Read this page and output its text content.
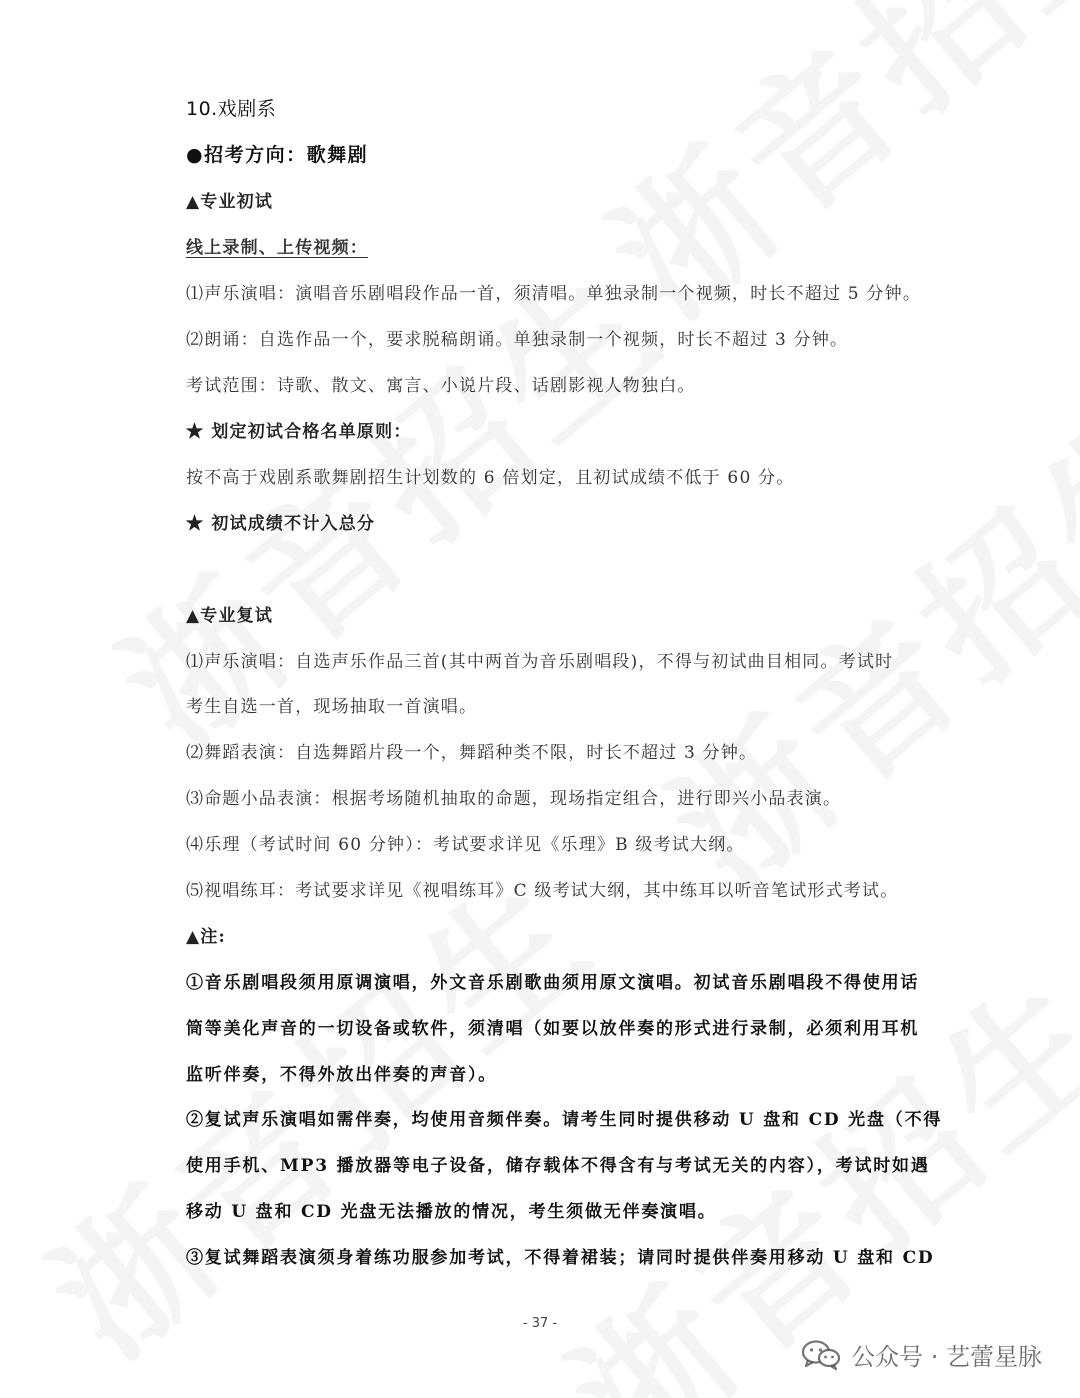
10.戏剧系
●招考方向：歌舞剧
▲专业初试
线上录制、上传视频：
⑴声乐演唱：演唱音乐剧唱段作品一首，须清唱。单独录制一个视频，时长不超过 5 分钟。
⑵朗诵：自选作品一个，要求脱稿朗诵。单独录制一个视频，时长不超过 3 分钟。
考试范围：诗歌、散文、寓言、小说片段、话剧影视人物独白。
★ 划定初试合格名单原则：
按不高于戏剧系歌舞剧招生计划数的 6 倍划定，且初试成绩不低于 60 分。
★ 初试成绩不计入总分
▲专业复试
⑴声乐演唱：自选声乐作品三首(其中两首为音乐剧唱段)，不得与初试曲目相同。考试时
考生自选一首，现场抽取一首演唱。
⑵舞蹈表演：自选舞蹈片段一个，舞蹈种类不限，时长不超过 3 分钟。
⑶命题小品表演：根据考场随机抽取的命题，现场指定组合，进行即兴小品表演。
⑷乐理（考试时间 60 分钟）：考试要求详见《乐理》B 级考试大纲。
⑸视唱练耳：考试要求详见《视唱练耳》C 级考试大纲，其中练耳以听音笔试形式考试。
▲注:
①音乐剧唱段须用原调演唱，外文音乐剧歌曲须用原文演唱。初试音乐剧唱段不得使用话
筒等美化声音的一切设备或软件，须清唱（如要以放伴奏的形式进行录制，必须利用耳机
监听伴奏，不得外放出伴奏的声音）。
②复试声乐演唱如需伴奏，均使用音频伴奏。请考生同时提供移动 U 盘和 CD 光盘（不得
使用手机、MP3 播放器等电子设备，储存载体不得含有与考试无关的内容），考试时如遇
移动 U 盘和 CD 光盘无法播放的情况，考生须做无伴奏演唱。
③复试舞蹈表演须身着练功服参加考试，不得着裙装；请同时提供伴奏用移动 U 盘和 CD
- 37 -
公众号 · 艺蕾星脉
